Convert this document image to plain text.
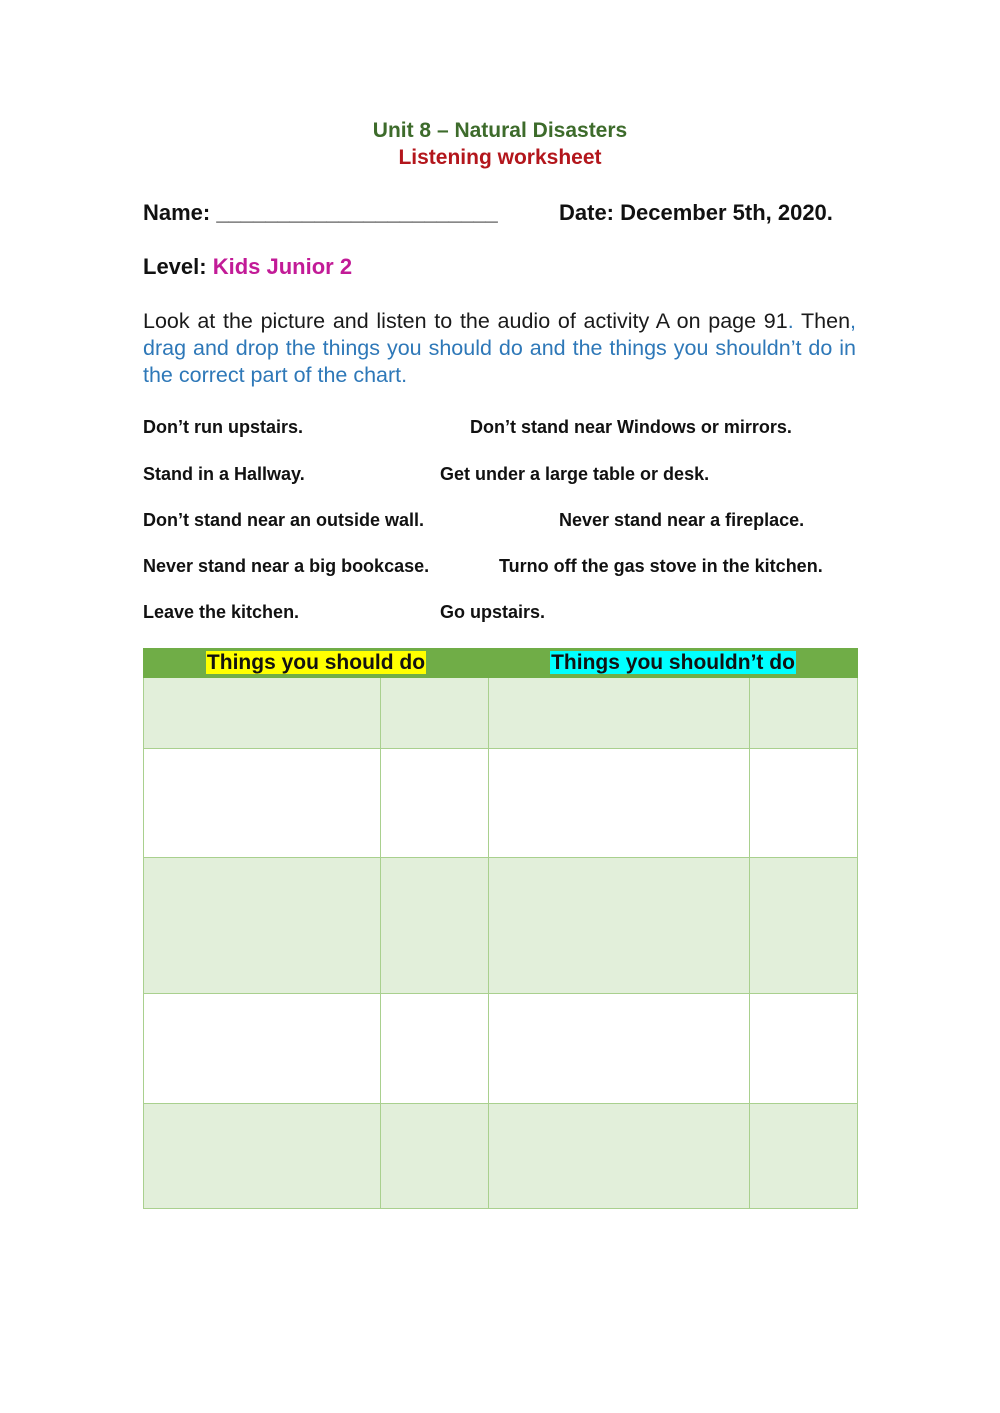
Unit 8 – Natural Disasters
Listening worksheet
Name: _______________________	Date: December 5th, 2020.
Level: Kids Junior 2
Look at the picture and listen to the audio of activity A on page 91. Then, drag and drop the things you should do and the things you shouldn’t do in the correct part of the chart.
Don’t run upstairs.	Don’t stand near Windows or mirrors.
Stand in a Hallway.	Get under a large table or desk.
Don’t stand near an outside wall.	Never stand near a fireplace.
Never stand near a big bookcase.	Turno off the gas stove in the kitchen.
Leave the kitchen.	Go upstairs.
Things you should do		Things you shouldn’t do	
